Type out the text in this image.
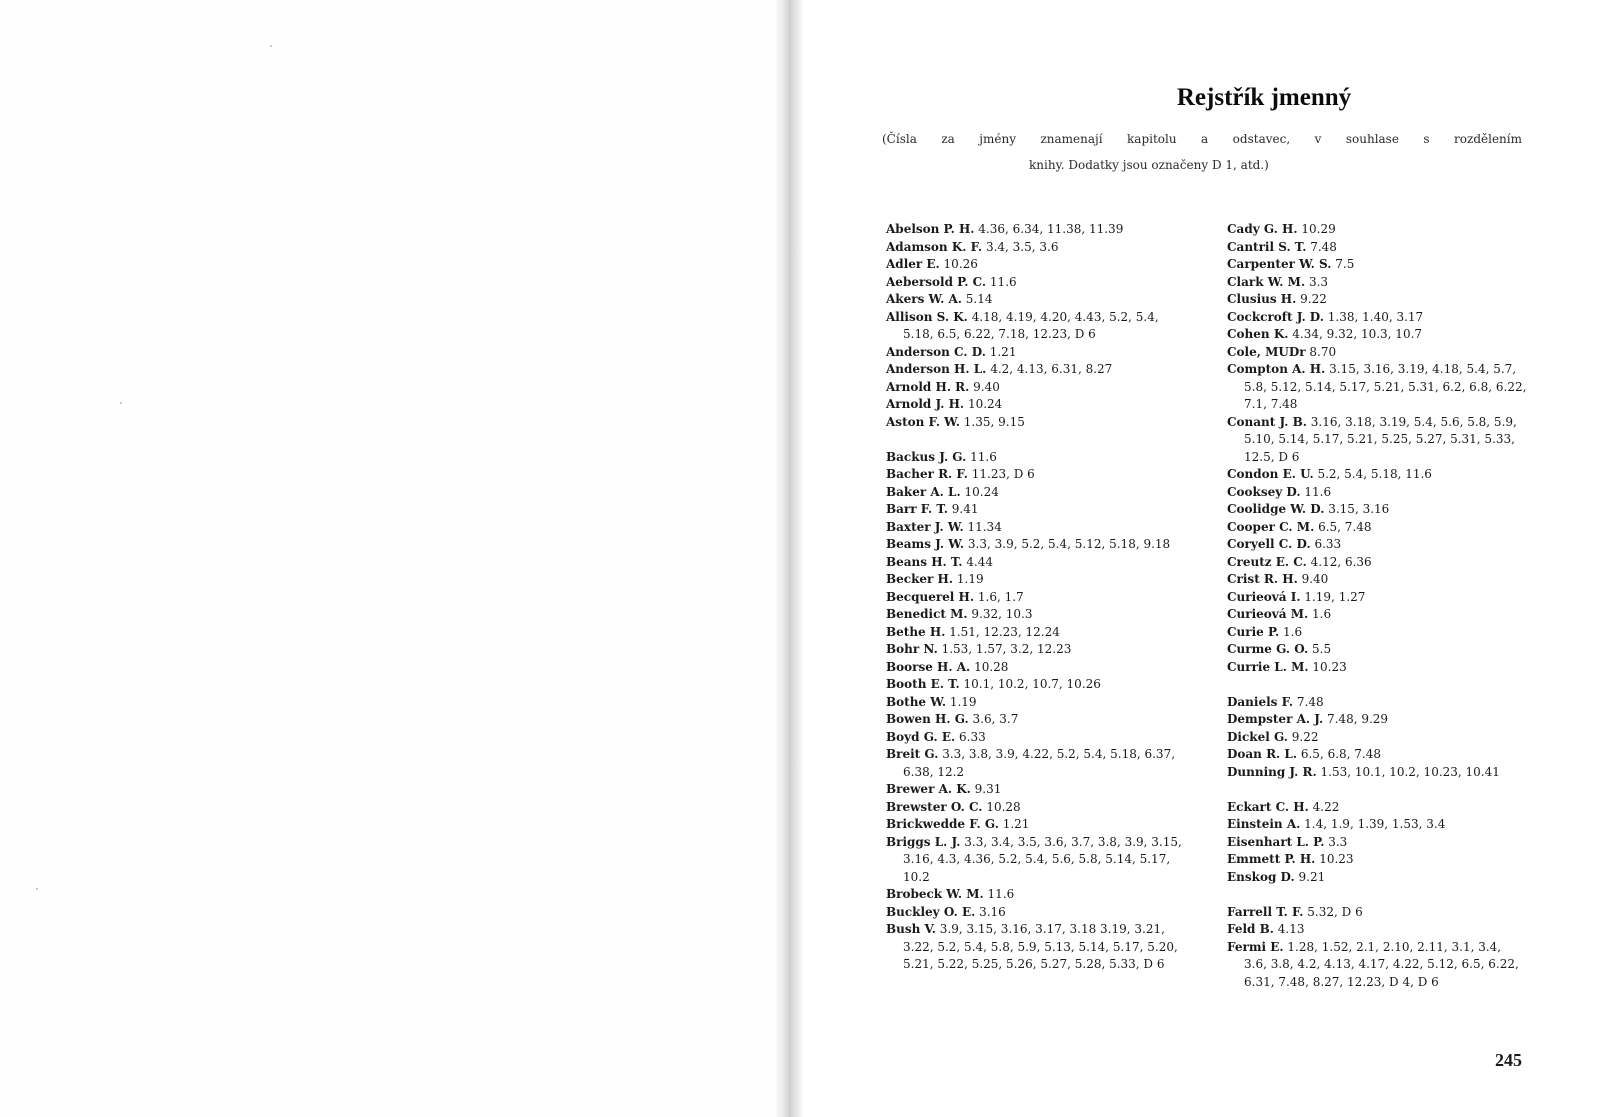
Rejstřík jmenný

(Čísla za jmény znamenají kapitolu a odstavec, v souhlase s rozdělením
knihy. Dodatky jsou označeny D 1, atd.)

Abelson P. H. 4.36, 6.34, 11.38, 11.39
Adamson K. F. 3.4, 3.5, 3.6
Adler E. 10.26
Aebersold P. C. 11.6
Akers W. A. 5.14
Allison S. K. 4.18, 4.19, 4.20, 4.43, 5.2, 5.4, 5.18, 6.5, 6.22, 7.18, 12.23, D 6
Anderson C. D. 1.21
Anderson H. L. 4.2, 4.13, 6.31, 8.27
Arnold H. R. 9.40
Arnold J. H. 10.24
Aston F. W. 1.35, 9.15
Backus J. G. 11.6
Bacher R. F. 11.23, D 6
Baker A. L. 10.24
Barr F. T. 9.41
Baxter J. W. 11.34
Beams J. W. 3.3, 3.9, 5.2, 5.4, 5.12, 5.18, 9.18
Beans H. T. 4.44
Becker H. 1.19
Becquerel H. 1.6, 1.7
Benedict M. 9.32, 10.3
Bethe H. 1.51, 12.23, 12.24
Bohr N. 1.53, 1.57, 3.2, 12.23
Boorse H. A. 10.28
Booth E. T. 10.1, 10.2, 10.7, 10.26
Bothe W. 1.19
Bowen H. G. 3.6, 3.7
Boyd G. E. 6.33
Breit G. 3.3, 3.8, 3.9, 4.22, 5.2, 5.4, 5.18, 6.37, 6.38, 12.2
Brewer A. K. 9.31
Brewster O. C. 10.28
Brickwedde F. G. 1.21
Briggs L. J. 3.3, 3.4, 3.5, 3.6, 3.7, 3.8, 3.9, 3.15, 3.16, 4.3, 4.36, 5.2, 5.4, 5.6, 5.8, 5.14, 5.17, 10.2
Brobeck W. M. 11.6
Buckley O. E. 3.16
Bush V. 3.9, 3.15, 3.16, 3.17, 3.18 3.19, 3.21, 3.22, 5.2, 5.4, 5.8, 5.9, 5.13, 5.14, 5.17, 5.20, 5.21, 5.22, 5.25, 5.26, 5.27, 5.28, 5.33, D 6
Cady G. H. 10.29
Cantril S. T. 7.48
Carpenter W. S. 7.5
Clark W. M. 3.3
Clusius H. 9.22
Cockcroft J. D. 1.38, 1.40, 3.17
Cohen K. 4.34, 9.32, 10.3, 10.7
Cole, MUDr 8.70
Compton A. H. 3.15, 3.16, 3.19, 4.18, 5.4, 5.7, 5.8, 5.12, 5.14, 5.17, 5.21, 5.31, 6.2, 6.8, 6.22, 7.1, 7.48
Conant J. B. 3.16, 3.18, 3.19, 5.4, 5.6, 5.8, 5.9, 5.10, 5.14, 5.17, 5.21, 5.25, 5.27, 5.31, 5.33, 12.5, D 6
Condon E. U. 5.2, 5.4, 5.18, 11.6
Cooksey D. 11.6
Coolidge W. D. 3.15, 3.16
Cooper C. M. 6.5, 7.48
Coryell C. D. 6.33
Creutz E. C. 4.12, 6.36
Crist R. H. 9.40
Curieová I. 1.19, 1.27
Curieová M. 1.6
Curie P. 1.6
Curme G. O. 5.5
Currie L. M. 10.23
Daniels F. 7.48
Dempster A. J. 7.48, 9.29
Dickel G. 9.22
Doan R. L. 6.5, 6.8, 7.48
Dunning J. R. 1.53, 10.1, 10.2, 10.23, 10.41
Eckart C. H. 4.22
Einstein A. 1.4, 1.9, 1.39, 1.53, 3.4
Eisenhart L. P. 3.3
Emmett P. H. 10.23
Enskog D. 9.21
Farrell T. F. 5.32, D 6
Feld B. 4.13
Fermi E. 1.28, 1.52, 2.1, 2.10, 2.11, 3.1, 3.4, 3.6, 3.8, 4.2, 4.13, 4.17, 4.22, 5.12, 6.5, 6.22, 6.31, 7.48, 8.27, 12.23, D 4, D 6
245
